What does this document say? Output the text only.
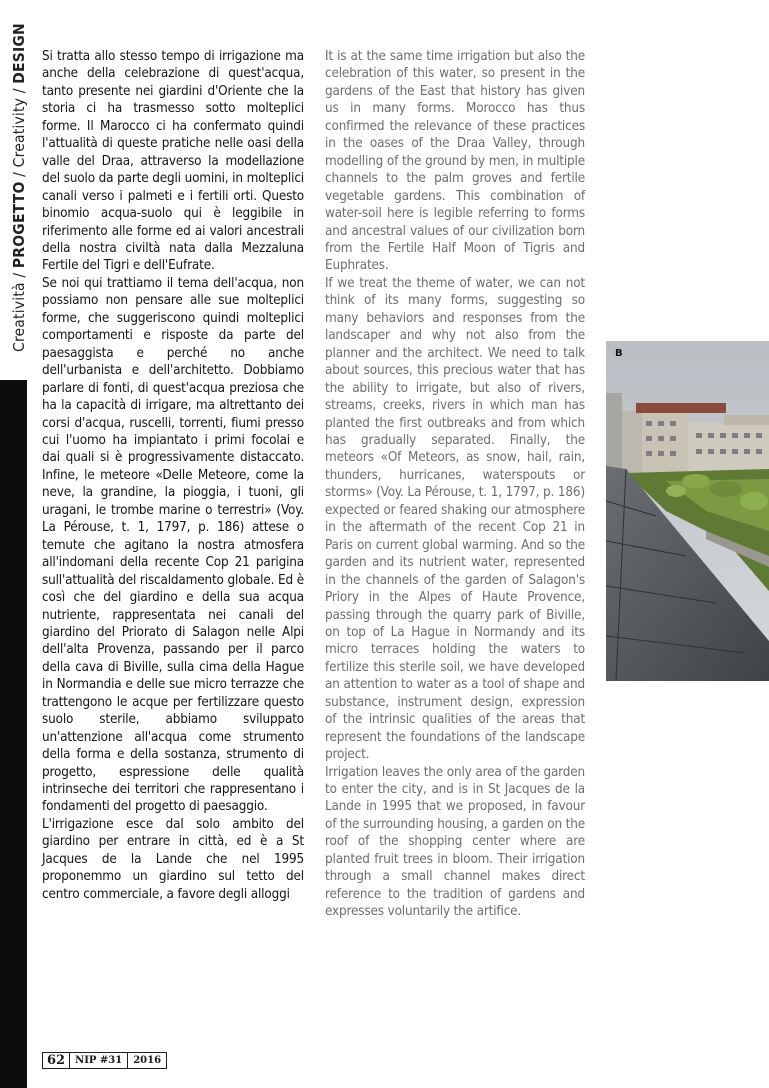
Creatività / PROGETTO / Creativity / DESIGN Si tratta allo stesso tempo di irrigazione ma anche della celebrazione di quest'acqua, tanto presente nei giardini d'Oriente che la storia ci ha trasmesso sotto molteplici forme. Il Marocco ci ha confermato quindi l'attualità di queste pratiche nelle oasi della valle del Draa, attraverso la modellazione del suolo da parte degli uomini, in molteplici canali verso i palmeti e i fertili orti. Questo binomio acqua-suolo qui è leggibile in riferimento alle forme ed ai valori ancestrali della nostra civiltà nata dalla Mezzaluna Fertile del Tigri e dell'Eufrate.

Se noi qui trattiamo il tema dell'acqua, non possiamo non pensare alle sue molteplici forme, che suggeriscono quindi molteplici comportamenti e risposte da parte del paesaggista e perché no anche dell'urbanista e dell'architetto. Dobbiamo parlare di fonti, di quest'acqua preziosa che ha la capacità di irrigare, ma altrettanto dei corsi d'acqua, ruscelli, torrenti, fiumi presso cui l'uomo ha impiantato i primi focolai e dai quali si è progressivamente distaccato. Infine, le meteore «Delle Meteore, come la neve, la grandine, la pioggia, i tuoni, gli uragani, le trombe marine o terrestri» (Voy. La Pérouse, t. 1, 1797, p. 186) attese o temute che agitano la nostra atmosfera all'indomani della recente Cop 21 parigina sull'attualità del riscaldamento globale. Ed è così che del giardino e della sua acqua nutriente, rappresentata nei canali del giardino del Priorato di Salagon nelle Alpi dell'alta Provenza, passando per il parco della cava di Biville, sulla cima della Hague in Normandia e delle sue micro terrazze che trattengono le acque per fertilizzare questo suolo sterile, abbiamo sviluppato un'attenzione all'acqua come strumento della forma e della sostanza, strumento di progetto, espressione delle qualità intrinseche dei territori che rappresentano i fondamenti del progetto di paesaggio.

L'irrigazione esce dal solo ambito del giardino per entrare in città, ed è a St Jacques de la Lande che nel 1995 proponemmo un giardino sul tetto del centro commerciale, a favore degli alloggi

It is at the same time irrigation but also the celebration of this water, so present in the gardens of the East that history has given us in many forms. Morocco has thus confirmed the relevance of these practices in the oases of the Draa Valley, through modelling of the ground by men, in multiple channels to the palm groves and fertile vegetable gardens. This combination of water-soil here is legible referring to forms and ancestral values of our civilization born from the Fertile Half Moon of Tigris and Euphrates.

If we treat the theme of water, we can not think of its many forms, suggesting so many behaviors and responses from the landscaper and why not also from the planner and the architect. We need to talk about sources, this precious water that has the ability to irrigate, but also of rivers, streams, creeks, rivers in which man has planted the first outbreaks and from which has gradually separated. Finally, the meteors «Of Meteors, as snow, hail, rain, thunders, hurricanes, waterspouts or storms» (Voy. La Pérouse, t. 1, 1797, p. 186) expected or feared shaking our atmosphere in the aftermath of the recent Cop 21 in Paris on current global warming. And so the garden and its nutrient water, represented in the channels of the garden of Salagon's Priory in the Alpes of Haute Provence, passing through the quarry park of Biville, on top of La Hague in Normandy and its micro terraces holding the waters to fertilize this sterile soil, we have developed an attention to water as a tool of shape and substance, instrument design, expression of the intrinsic qualities of the areas that represent the foundations of the landscape project.

Irrigation leaves the only area of the garden to enter the city, and is in St Jacques de la Lande in 1995 that we proposed, in favour of the surrounding housing, a garden on the roof of the shopping center where are planted fruit trees in bloom. Their irrigation through a small channel makes direct reference to the tradition of gardens and expresses voluntarily the artifice.

B
62	NIP #31	2016
